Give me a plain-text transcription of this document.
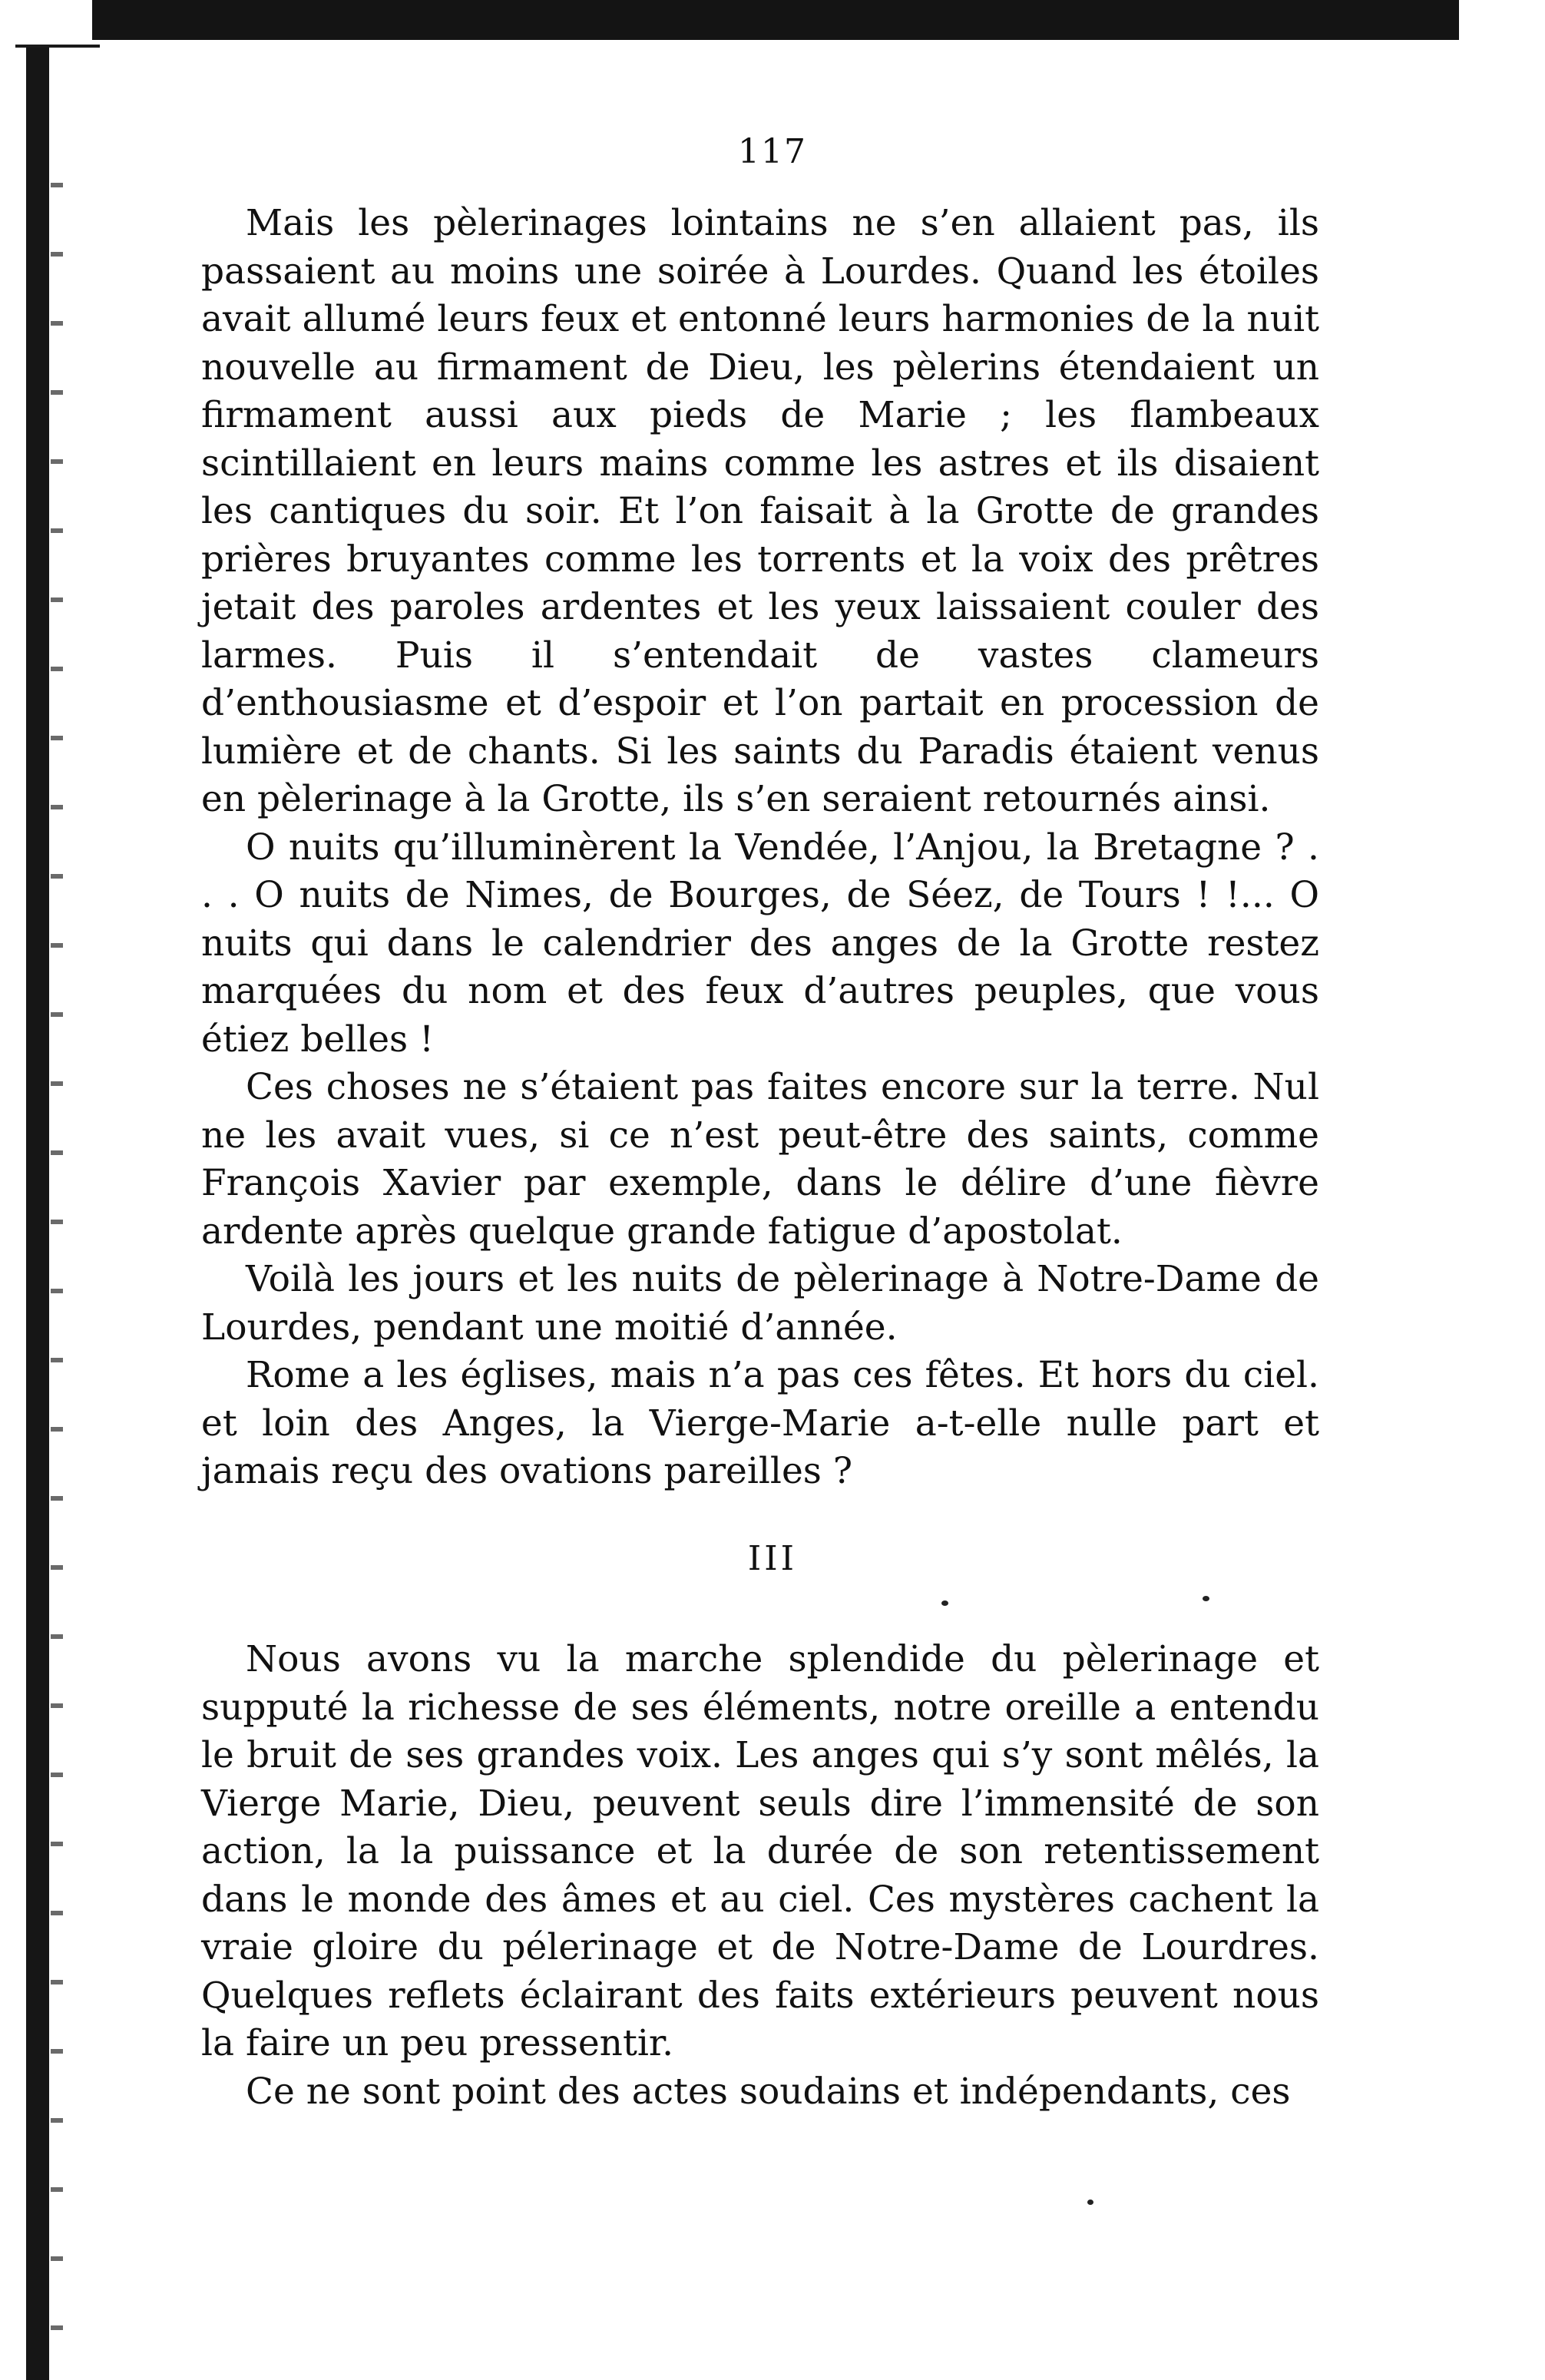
117

Mais les pèlerinages lointains ne s’en allaient pas, ils passaient au moins une soirée à Lourdes. Quand les étoiles avait allumé leurs feux et entonné leurs harmonies de la nuit nouvelle au firmament de Dieu, les pèlerins étendaient un firmament aussi aux pieds de Marie ; les flambeaux scintillaient en leurs mains comme les astres et ils disaient les cantiques du soir. Et l’on faisait à la Grotte de grandes prières bruyantes comme les torrents et la voix des prêtres jetait des paroles ardentes et les yeux laissaient couler des larmes. Puis il s’entendait de vastes clameurs d’enthousiasme et d’espoir et l’on partait en procession de lumière et de chants. Si les saints du Paradis étaient venus en pèlerinage à la Grotte, ils s’en seraient retournés ainsi.

O nuits qu’illuminèrent la Vendée, l’Anjou, la Bretagne ? . . . O nuits de Nimes, de Bourges, de Séez, de Tours ! !... O nuits qui dans le calendrier des anges de la Grotte restez marquées du nom et des feux d’autres peuples, que vous étiez belles !

Ces choses ne s’étaient pas faites encore sur la terre. Nul ne les avait vues, si ce n’est peut-être des saints, comme François Xavier par exemple, dans le délire d’une fièvre ardente après quelque grande fatigue d’apostolat.

Voilà les jours et les nuits de pèlerinage à Notre-Dame de Lourdes, pendant une moitié d’année.

Rome a les églises, mais n’a pas ces fêtes. Et hors du ciel. et loin des Anges, la Vierge-Marie a-t-elle nulle part et jamais reçu des ovations pareilles ?

III

Nous avons vu la marche splendide du pèlerinage et supputé la richesse de ses éléments, notre oreille a entendu le bruit de ses grandes voix. Les anges qui s’y sont mêlés, la Vierge Marie, Dieu, peuvent seuls dire l’immensité de son action, la la puissance et la durée de son retentissement dans le monde des âmes et au ciel. Ces mystères cachent la vraie gloire du pélerinage et de Notre-Dame de Lourdres. Quelques reflets éclairant des faits extérieurs peuvent nous la faire un peu pressentir.

Ce ne sont point des actes soudains et indépendants, ces
